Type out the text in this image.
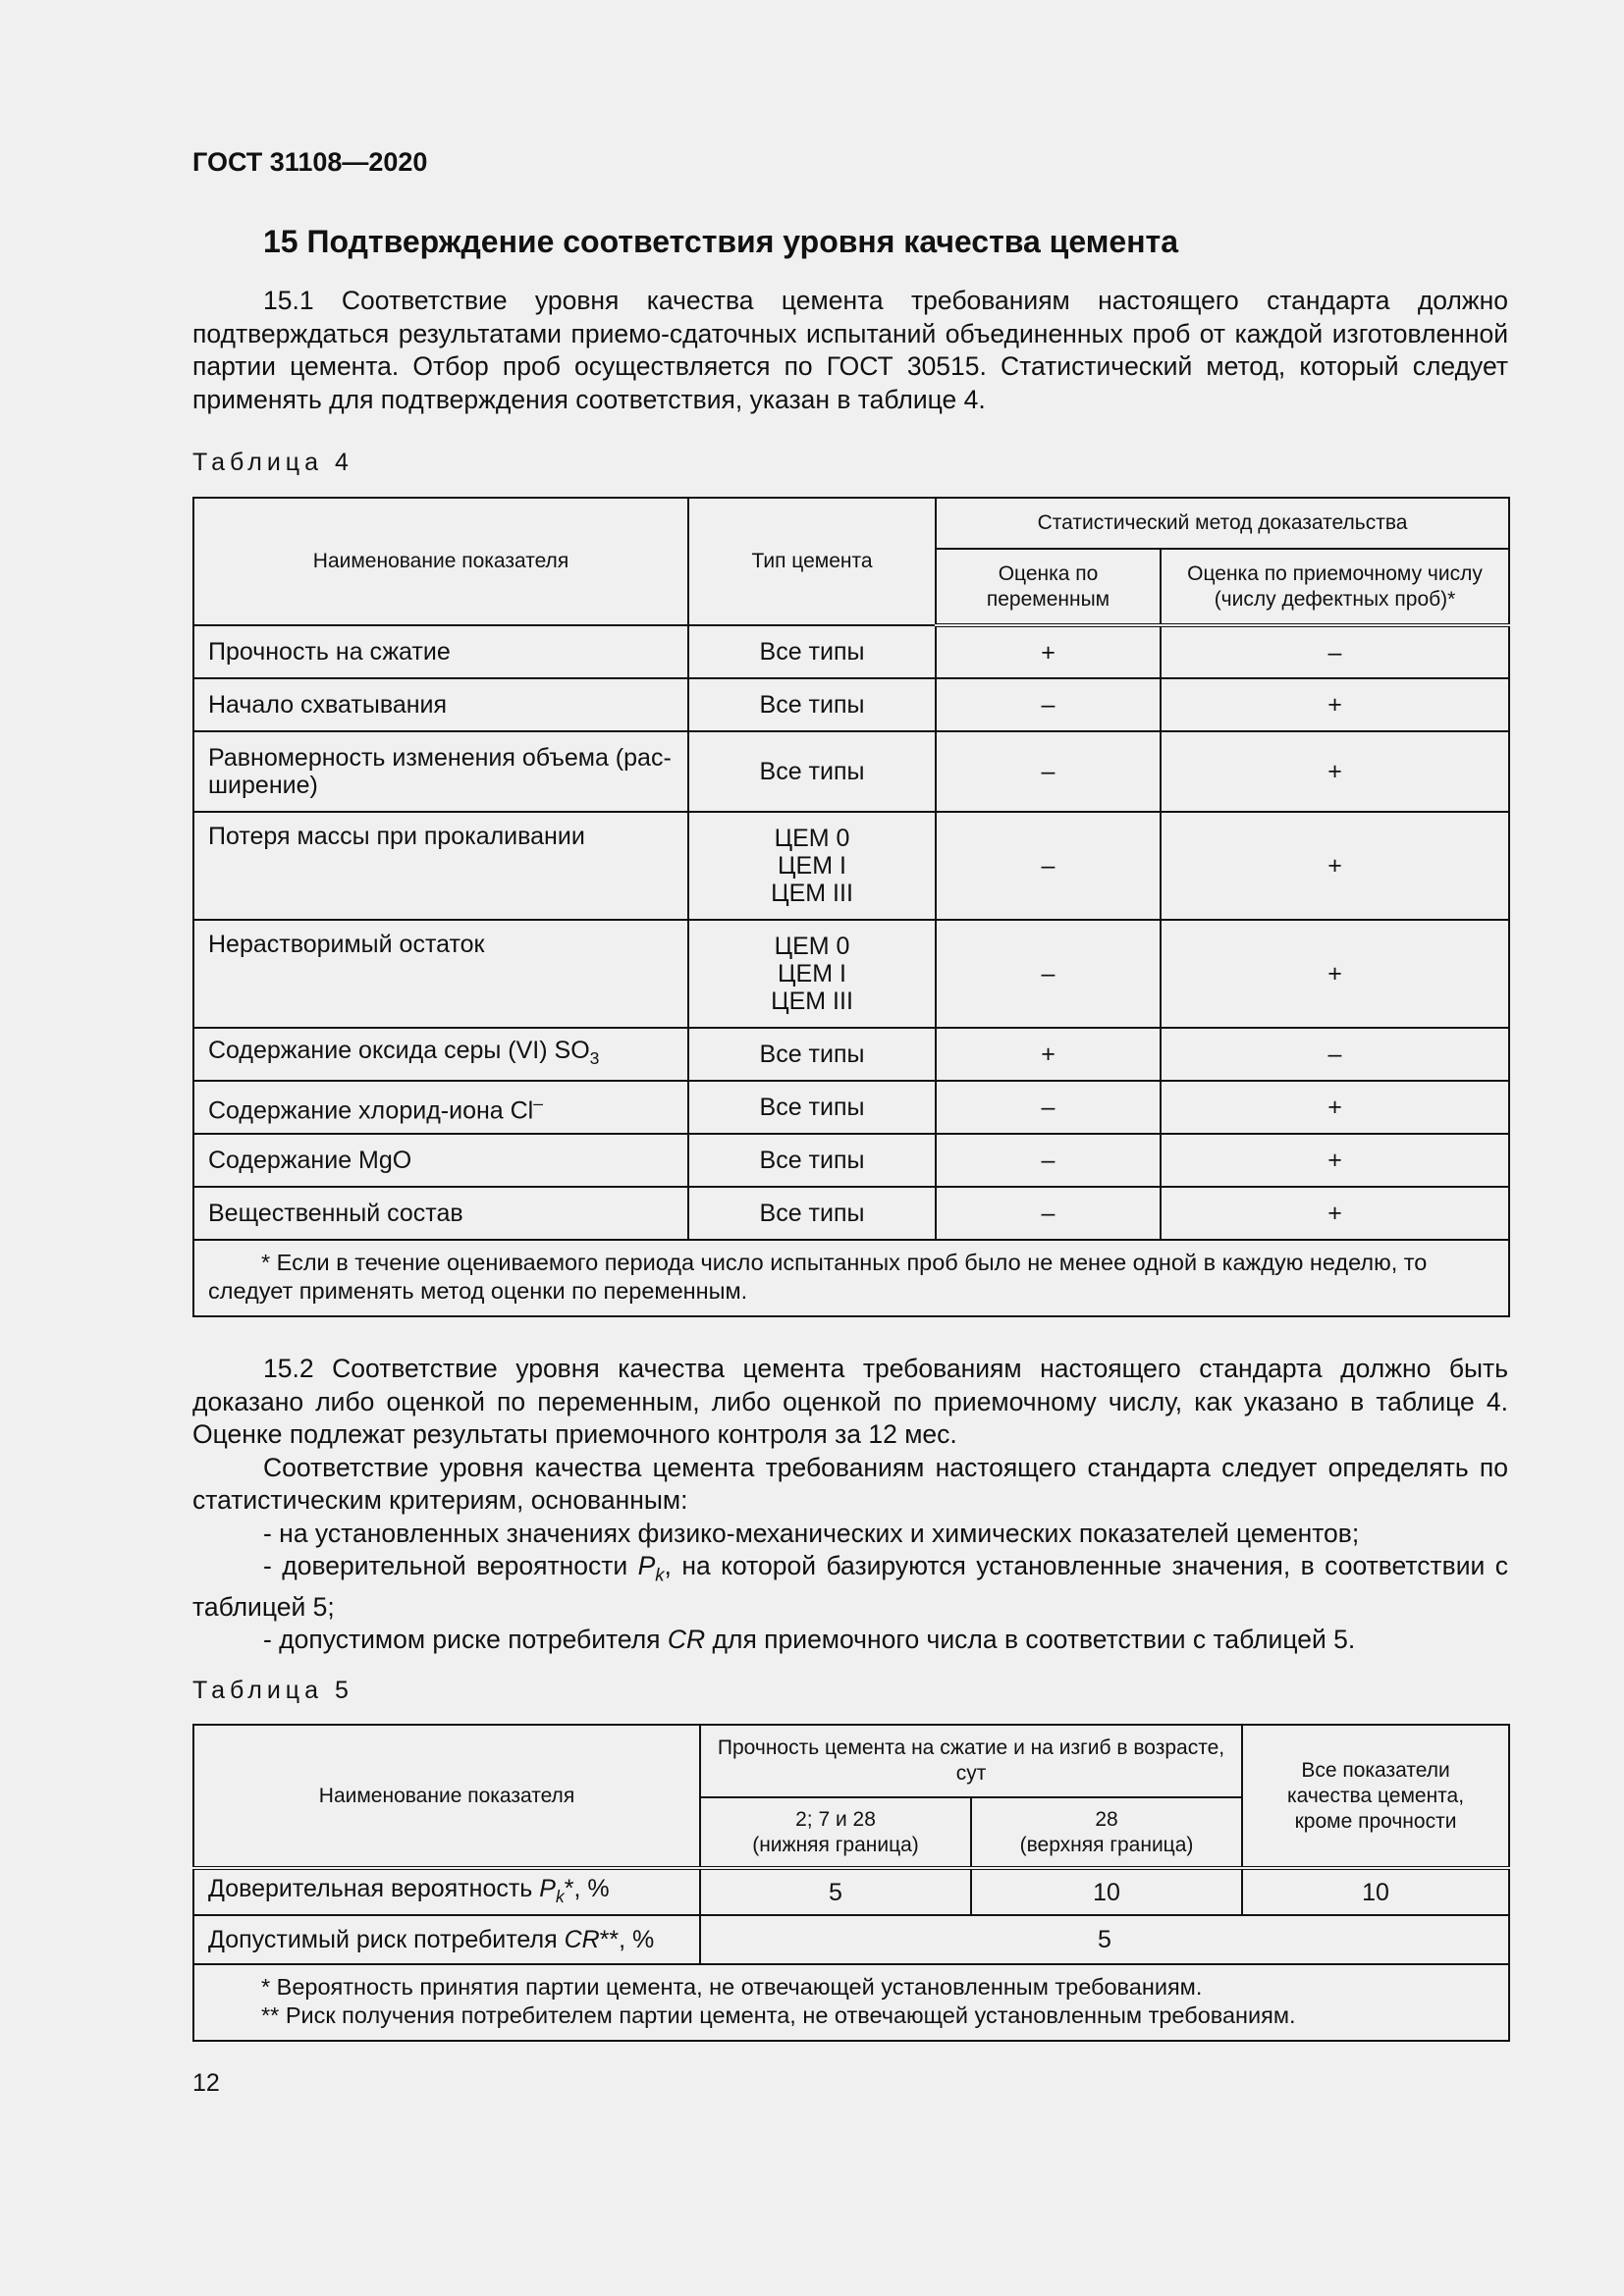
ГОСТ 31108—2020
15 Подтверждение соответствия уровня качества цемента

15.1 Соответствие уровня качества цемента требованиям настоящего стандарта должно подтверждаться результатами приемо-сдаточных испытаний объединенных проб от каждой изготовленной партии цемента. Отбор проб осуществляется по ГОСТ 30515. Статистический метод, который следует применять для подтверждения соответствия, указан в таблице 4.

Таблица 4
Наименование показателя	Тип цемента	Статистический метод доказательства	
		Оценка по переменным	Оценка по приемочному числу (числу дефектных проб)*
Прочность на сжатие	Все типы	+	–
Начало схватывания	Все типы	–	+
Равномерность изменения объема (рас-
ширение)	Все типы	–	+
Потеря массы при прокаливании	ЦЕМ 0
ЦЕМ I
ЦЕМ III	–	+
Нерастворимый остаток	ЦЕМ 0
ЦЕМ I
ЦЕМ III	–	+
Содержание оксида серы (VI) $SO_3$	Все типы	+	–
Содержание хлорид-иона Cl–	Все типы	–	+
Содержание MgO	Все типы	–	+
Вещественный состав	Все типы	–	+

* Если в течение оцениваемого периода число испытанных проб было не менее одной в каждую неделю, то следует применять метод оценки по переменным.			

15.2 Соответствие уровня качества цемента требованиям настоящего стандарта должно быть доказано либо оценкой по переменным, либо оценкой по приемочному числу, как указано в таблице 4. Оценке подлежат результаты приемочного контроля за 12 мес.

Соответствие уровня качества цемента требованиям настоящего стандарта следует определять по статистическим критериям, основанным:

- на установленных значениях физико-механических и химических показателей цементов;

- доверительной вероятности $P_k$, на которой базируются установленные значения, в соответствии с таблицей 5;

- допустимом риске потребителя CR для приемочного числа в соответствии с таблицей 5.

Таблица 5
Наименование показателя	Прочность цемента на сжатие и на изгиб в возрасте, сут		Все показатели качества цемента, кроме прочности
	2; 7 и 28
(нижняя граница)	28
(верхняя граница)	
Доверительная вероятность $P_k*$, %	5	10	10
Допустимый риск потребителя CR**, %	5		

* Вероятность принятия партии цемента, не отвечающей установленным требованиям.

** Риск получения потребителем партии цемента, не отвечающей установленным требованиям.			

12
